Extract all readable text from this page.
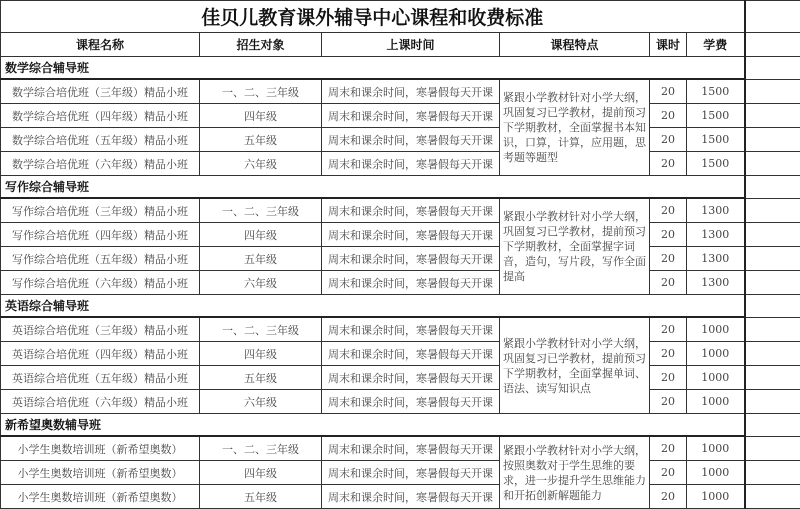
佳贝儿教育课外辅导中心课程和收费标准						
课程名称	招生对象	上课时间	课程特点	课时	学费	
数学综合辅导班						
数学综合培优班（三年级）精品小班	一、二、三年级	周末和课余时间，寒暑假每天开课	紧跟小学教材针对小学大纲，巩固复习已学教材，提前预习下学期教材，全面掌握书本知识，口算，计算，应用题，思考题等题型	20	1500	
数学综合培优班（四年级）精品小班	四年级	周末和课余时间，寒暑假每天开课		20	1500	
数学综合培优班（五年级）精品小班	五年级	周末和课余时间，寒暑假每天开课		20	1500	
数学综合培优班（六年级）精品小班	六年级	周末和课余时间，寒暑假每天开课		20	1500	
写作综合辅导班						
写作综合培优班（三年级）精品小班	一、二、三年级	周末和课余时间，寒暑假每天开课	紧跟小学教材针对小学大纲，巩固复习已学教材，提前预习下学期教材，全面掌握字词音，造句，写片段，写作全面提高	20	1300	
写作综合培优班（四年级）精品小班	四年级	周末和课余时间，寒暑假每天开课		20	1300	
写作综合培优班（五年级）精品小班	五年级	周末和课余时间，寒暑假每天开课		20	1300	
写作综合培优班（六年级）精品小班	六年级	周末和课余时间，寒暑假每天开课		20	1300	
英语综合辅导班						
英语综合培优班（三年级）精品小班	一、二、三年级	周末和课余时间，寒暑假每天开课	紧跟小学教材针对小学大纲，巩固复习已学教材，提前预习下学期教材，全面掌握单词、语法、读写知识点	20	1000	
英语综合培优班（四年级）精品小班	四年级	周末和课余时间，寒暑假每天开课		20	1000	
英语综合培优班（五年级）精品小班	五年级	周末和课余时间，寒暑假每天开课		20	1000	
英语综合培优班（六年级）精品小班	六年级	周末和课余时间，寒暑假每天开课		20	1000	
新希望奥数辅导班						
小学生奥数培训班（新希望奥数）	一、二、三年级	周末和课余时间，寒暑假每天开课	紧跟小学教材针对小学大纲，按照奥数对于学生思维的要求，进一步提升学生思维能力和开拓创新解题能力	20	1000	
小学生奥数培训班（新希望奥数）	四年级	周末和课余时间，寒暑假每天开课		20	1000	
小学生奥数培训班（新希望奥数）	五年级	周末和课余时间，寒暑假每天开课		20	1000	
